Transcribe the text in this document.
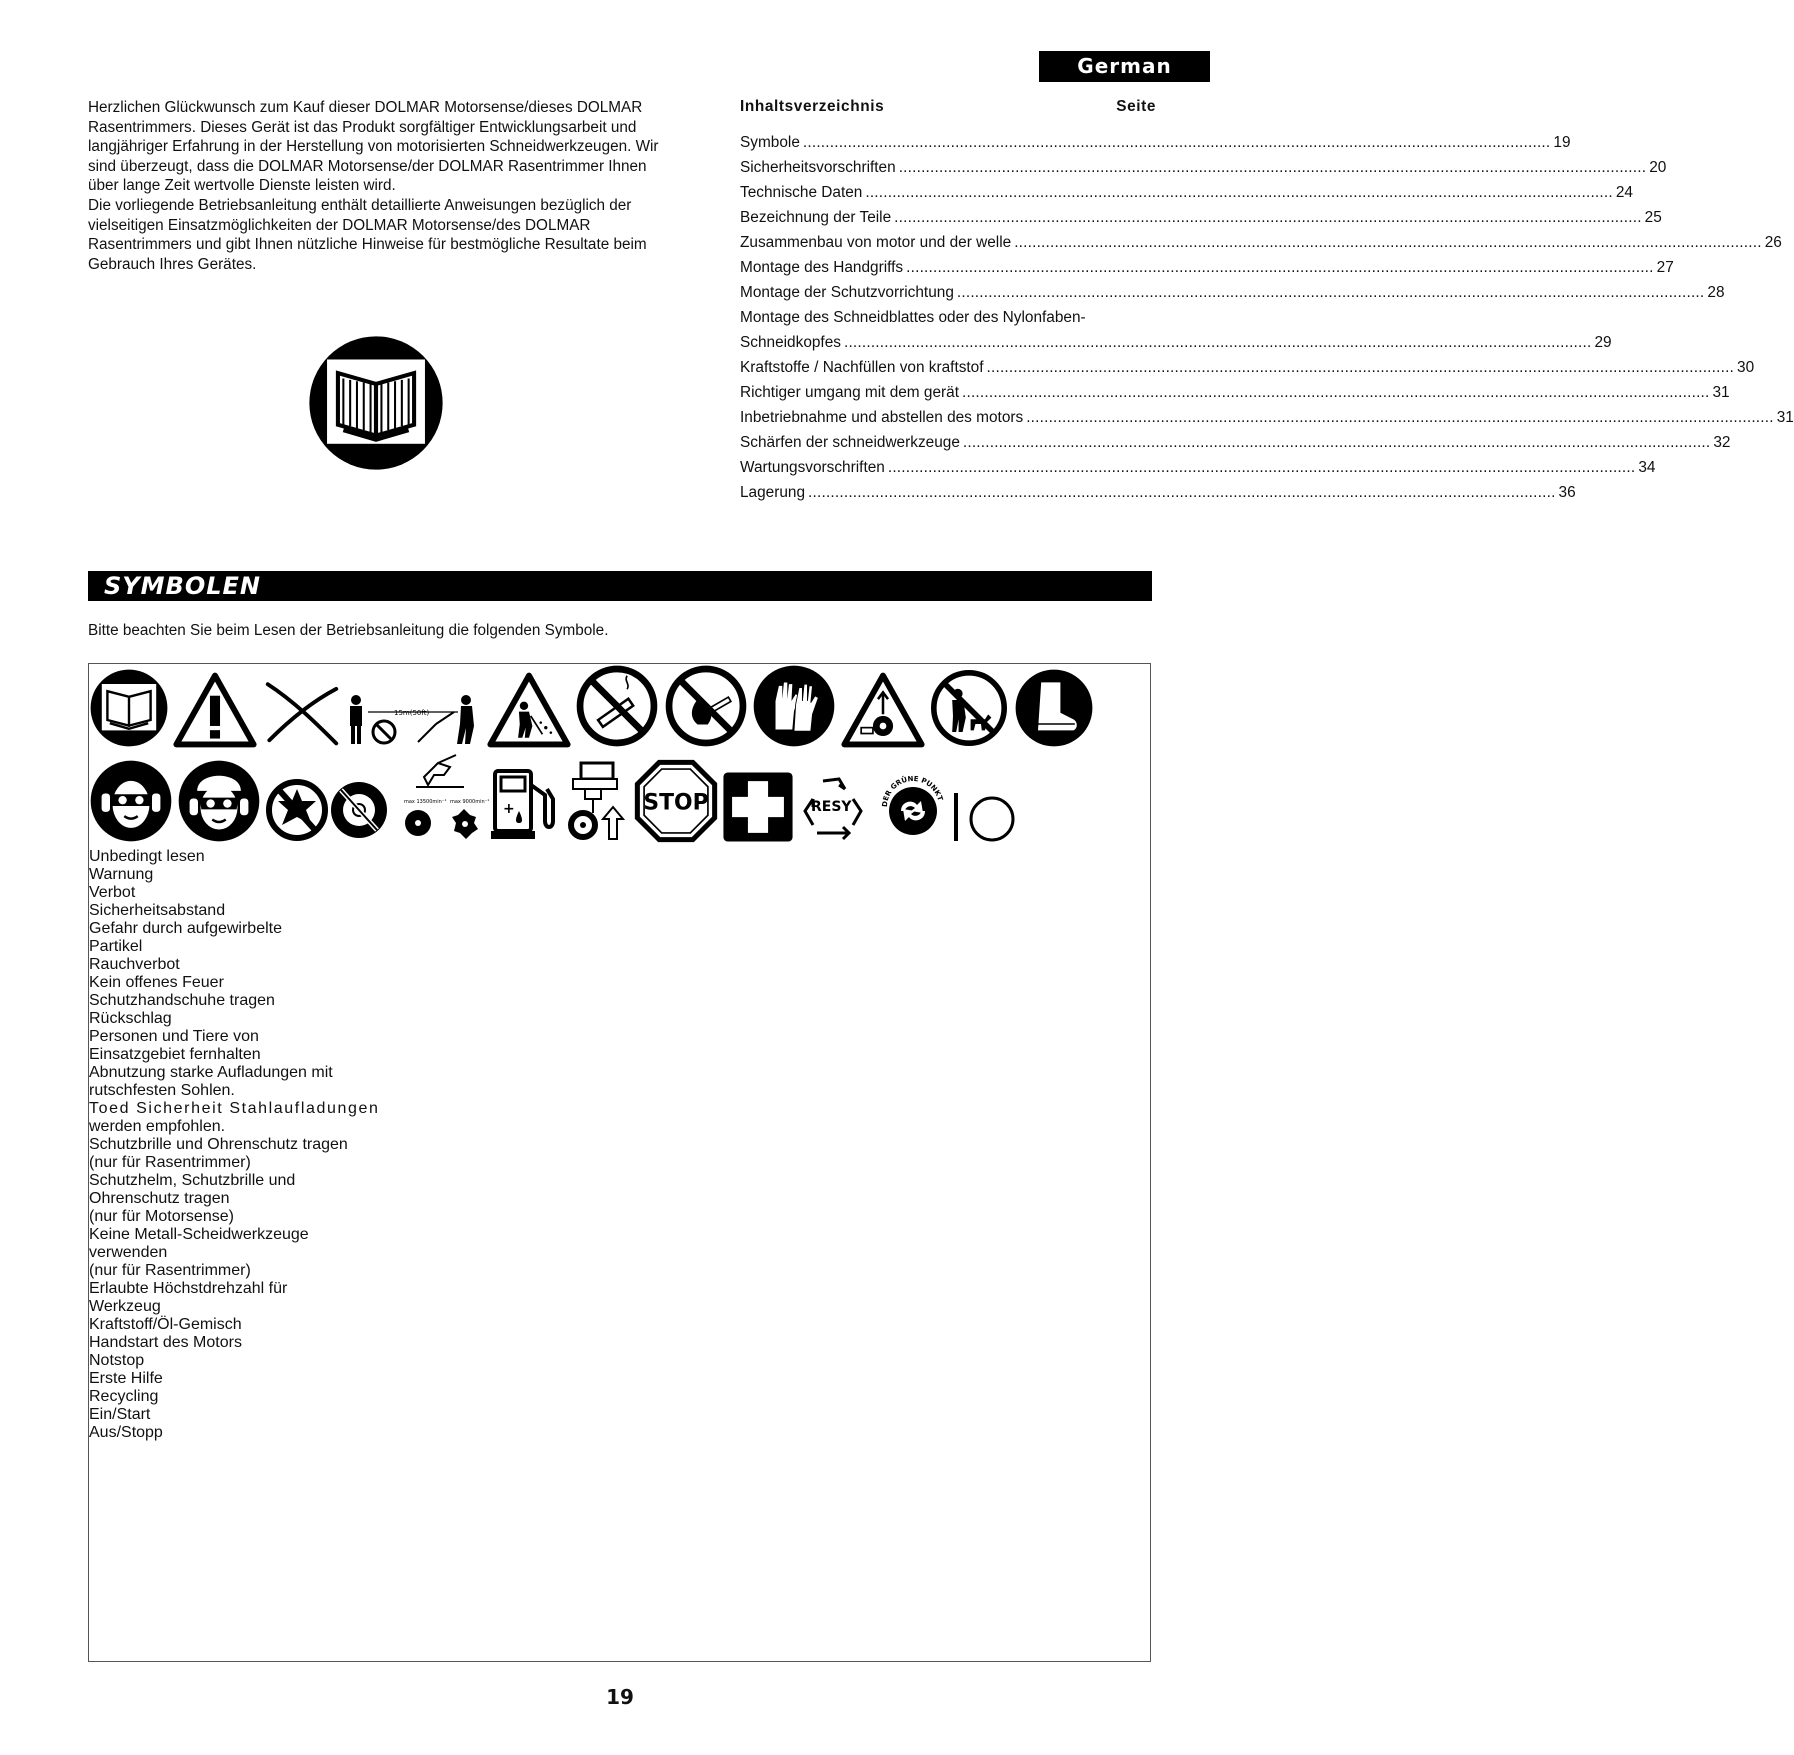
German

Herzlichen Glückwunsch zum Kauf dieser DOLMAR Motorsense/dieses DOLMAR Rasentrimmers. Dieses Gerät ist das Produkt sorgfältiger Entwicklungsarbeit und langjähriger Erfahrung in der Herstellung von motorisierten Schneidwerkzeugen. Wir sind überzeugt, dass die DOLMAR Motorsense/der DOLMAR Rasentrimmer Ihnen über lange Zeit wertvolle Dienste leisten wird.

Die vorliegende Betriebsanleitung enthält detaillierte Anweisungen bezüglich der vielseitigen Einsatzmöglichkeiten der DOLMAR Motorsense/des DOLMAR Rasentrimmers und gibt Ihnen nützliche Hinweise für bestmögliche Resultate beim Gebrauch Ihres Gerätes.

Inhaltsverzeichnis	Seite
Symbole .....	19
Sicherheitsvorschriften .....	20
Technische Daten .....	24
Bezeichnung der Teile .....	25
Zusammenbau von motor und der welle .....	26
Montage des Handgriffs .....	27
Montage der Schutzvorrichtung .....	28
Montage des Schneidblattes oder des Nylonfaben-
Schneidkopfes .....	29
Kraftstoffe / Nachfüllen von kraftstof .....	30
Richtiger umgang mit dem gerät .....	31
Inbetriebnahme und abstellen des motors .....	31
Schärfen der schneidwerkzeuge .....	32
Wartungsvorschriften .....	34
Lagerung .....	36
SYMBOLEN
Bitte beachten Sie beim Lesen der Betriebsanleitung die folgenden Symbole.

15m(50ft)

max 13500min⁻¹ max 9000min⁻¹
+
	STOP
	RESY	DER GRÜNE PUNKT

Unbedingt lesen
Warnung
Verbot
Sicherheitsabstand
Gefahr durch aufgewirbelte
Partikel
Rauchverbot
Kein offenes Feuer
Schutzhandschuhe tragen
Rückschlag
Personen und Tiere von
Einsatzgebiet fernhalten
Abnutzung starke Aufladungen mit
rutschfesten Sohlen.
Toed Sicherheit Stahlaufladungen
werden empfohlen.
Schutzbrille und Ohrenschutz tragen
(nur für Rasentrimmer)
Schutzhelm, Schutzbrille und
Ohrenschutz tragen
(nur für Motorsense)
Keine Metall-Scheidwerkzeuge
verwenden
(nur für Rasentrimmer)
Erlaubte Höchstdrehzahl für
Werkzeug
Kraftstoff/Öl-Gemisch
Handstart des Motors
Notstop
Erste Hilfe
Recycling
Ein/Start
Aus/Stopp
19
